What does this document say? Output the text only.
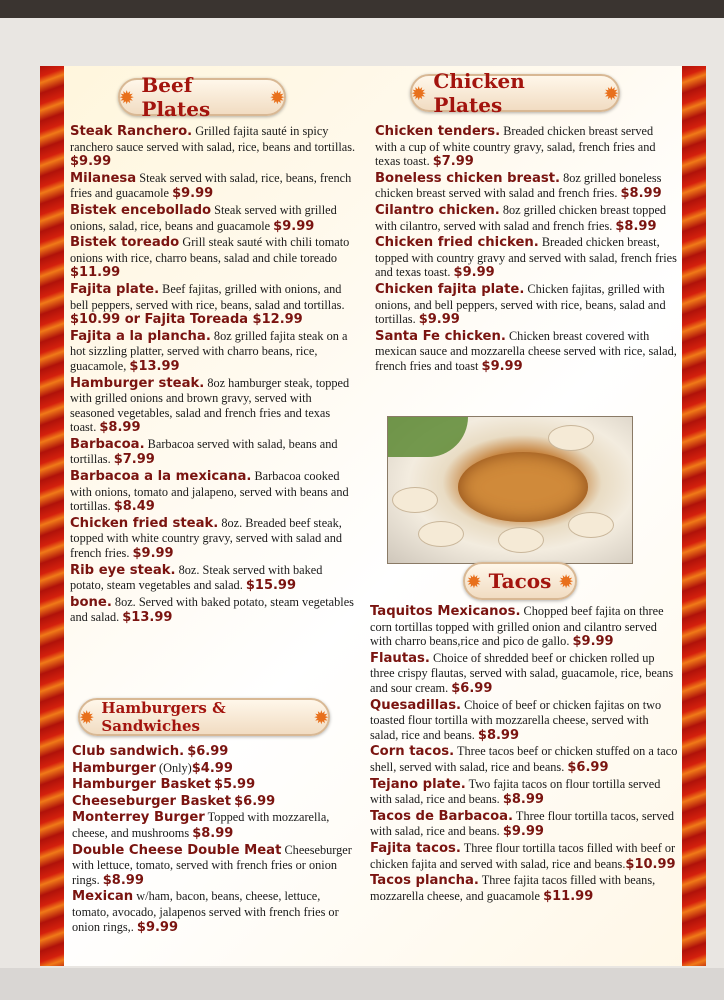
✹ Beef Plates	✹	✹ Chicken Plates	✹
Steak Ranchero. Grilled fajita sauté in spicy ranchero sauce served with salad, rice, beans and tortillas. $9.99
Milanesa Steak served with salad, rice, beans, french fries and guacamole $9.99
Bistek encebollado Steak served with grilled onions, salad, rice, beans and guacamole $9.99
Bistek toreado Grill steak sauté with chili tomato onions with rice, charro beans, salad and chile toreado $11.99
Fajita plate. Beef fajitas, grilled with onions, and bell peppers, served with rice, beans, salad and tortillas. $10.99 or Fajita Toreada $12.99
Fajita a la plancha. 8oz grilled fajita steak on a hot sizzling platter, served with charro beans, rice, guacamole, $13.99
Hamburger steak. 8oz hamburger steak, topped with grilled onions and brown gravy, served with seasoned vegetables, salad and french fries and texas toast. $8.99
Barbacoa. Barbacoa served with salad, beans and tortillas. $7.99
Barbacoa a la mexicana. Barbacoa cooked with onions, tomato and jalapeno, served with beans and tortillas. $8.49
Chicken fried steak. 8oz. Breaded beef steak, topped with white country gravy, served with salad and french fries. $9.99
Rib eye steak. 8oz. Steak served with baked potato, steam vegetables and salad. $15.99
bone. 8oz. Served with baked potato, steam vegetables and salad. $13.99
Chicken tenders. Breaded chicken breast served with a cup of white country gravy, salad, french fries and texas toast. $7.99
Boneless chicken breast. 8oz grilled boneless chicken breast served with salad and french fries. $8.99
Cilantro chicken. 8oz grilled chicken breast topped with cilantro, served with salad and french fries. $8.99
Chicken fried chicken. Breaded chicken breast, topped with country gravy and served with salad, french fries and texas toast. $9.99
Chicken fajita plate. Chicken fajitas, grilled with onions, and bell peppers, served with rice, beans, salad and tortillas. $9.99
Santa Fe chicken. Chicken breast covered with mexican sauce and mozzarella cheese served with rice, salad, french fries and toast $9.99
✹ Tacos ✹
Taquitos Mexicanos. Chopped beef fajita on three corn tortillas topped with grilled onion and cilantro served with charro beans,rice and pico de gallo. $9.99
Flautas. Choice of shredded beef or chicken rolled up three crispy flautas, served with salad, guacamole, rice, beans and sour cream. $6.99
Quesadillas. Choice of beef or chicken fajitas on two toasted flour tortilla with mozzarella cheese, served with salad, rice and beans. $8.99
Corn tacos. Three tacos beef or chicken stuffed on a taco shell, served with salad, rice and beans. $6.99
Tejano plate. Two fajita tacos on flour tortilla served with salad, rice and beans. $8.99
Tacos de Barbacoa. Three flour tortilla tacos, served with salad, rice and beans. $9.99
Fajita tacos. Three flour tortilla tacos filled with beef or chicken fajita and served with salad, rice and beans.$10.99
Tacos plancha. Three fajita tacos filled with beans, mozzarella cheese, and guacamole $11.99
✹ Hamburgers & Sandwiches	✹
Club sandwich. $6.99
Hamburger (Only)$4.99
Hamburger Basket $5.99
Cheeseburger Basket $6.99
Monterrey Burger Topped with mozzarella, cheese, and mushrooms $8.99
Double Cheese Double Meat Cheeseburger with lettuce, tomato, served with french fries or onion rings. $8.99
Mexican w/ham, bacon, beans, cheese, lettuce, tomato, avocado, jalapenos served with french fries or onion rings,. $9.99
